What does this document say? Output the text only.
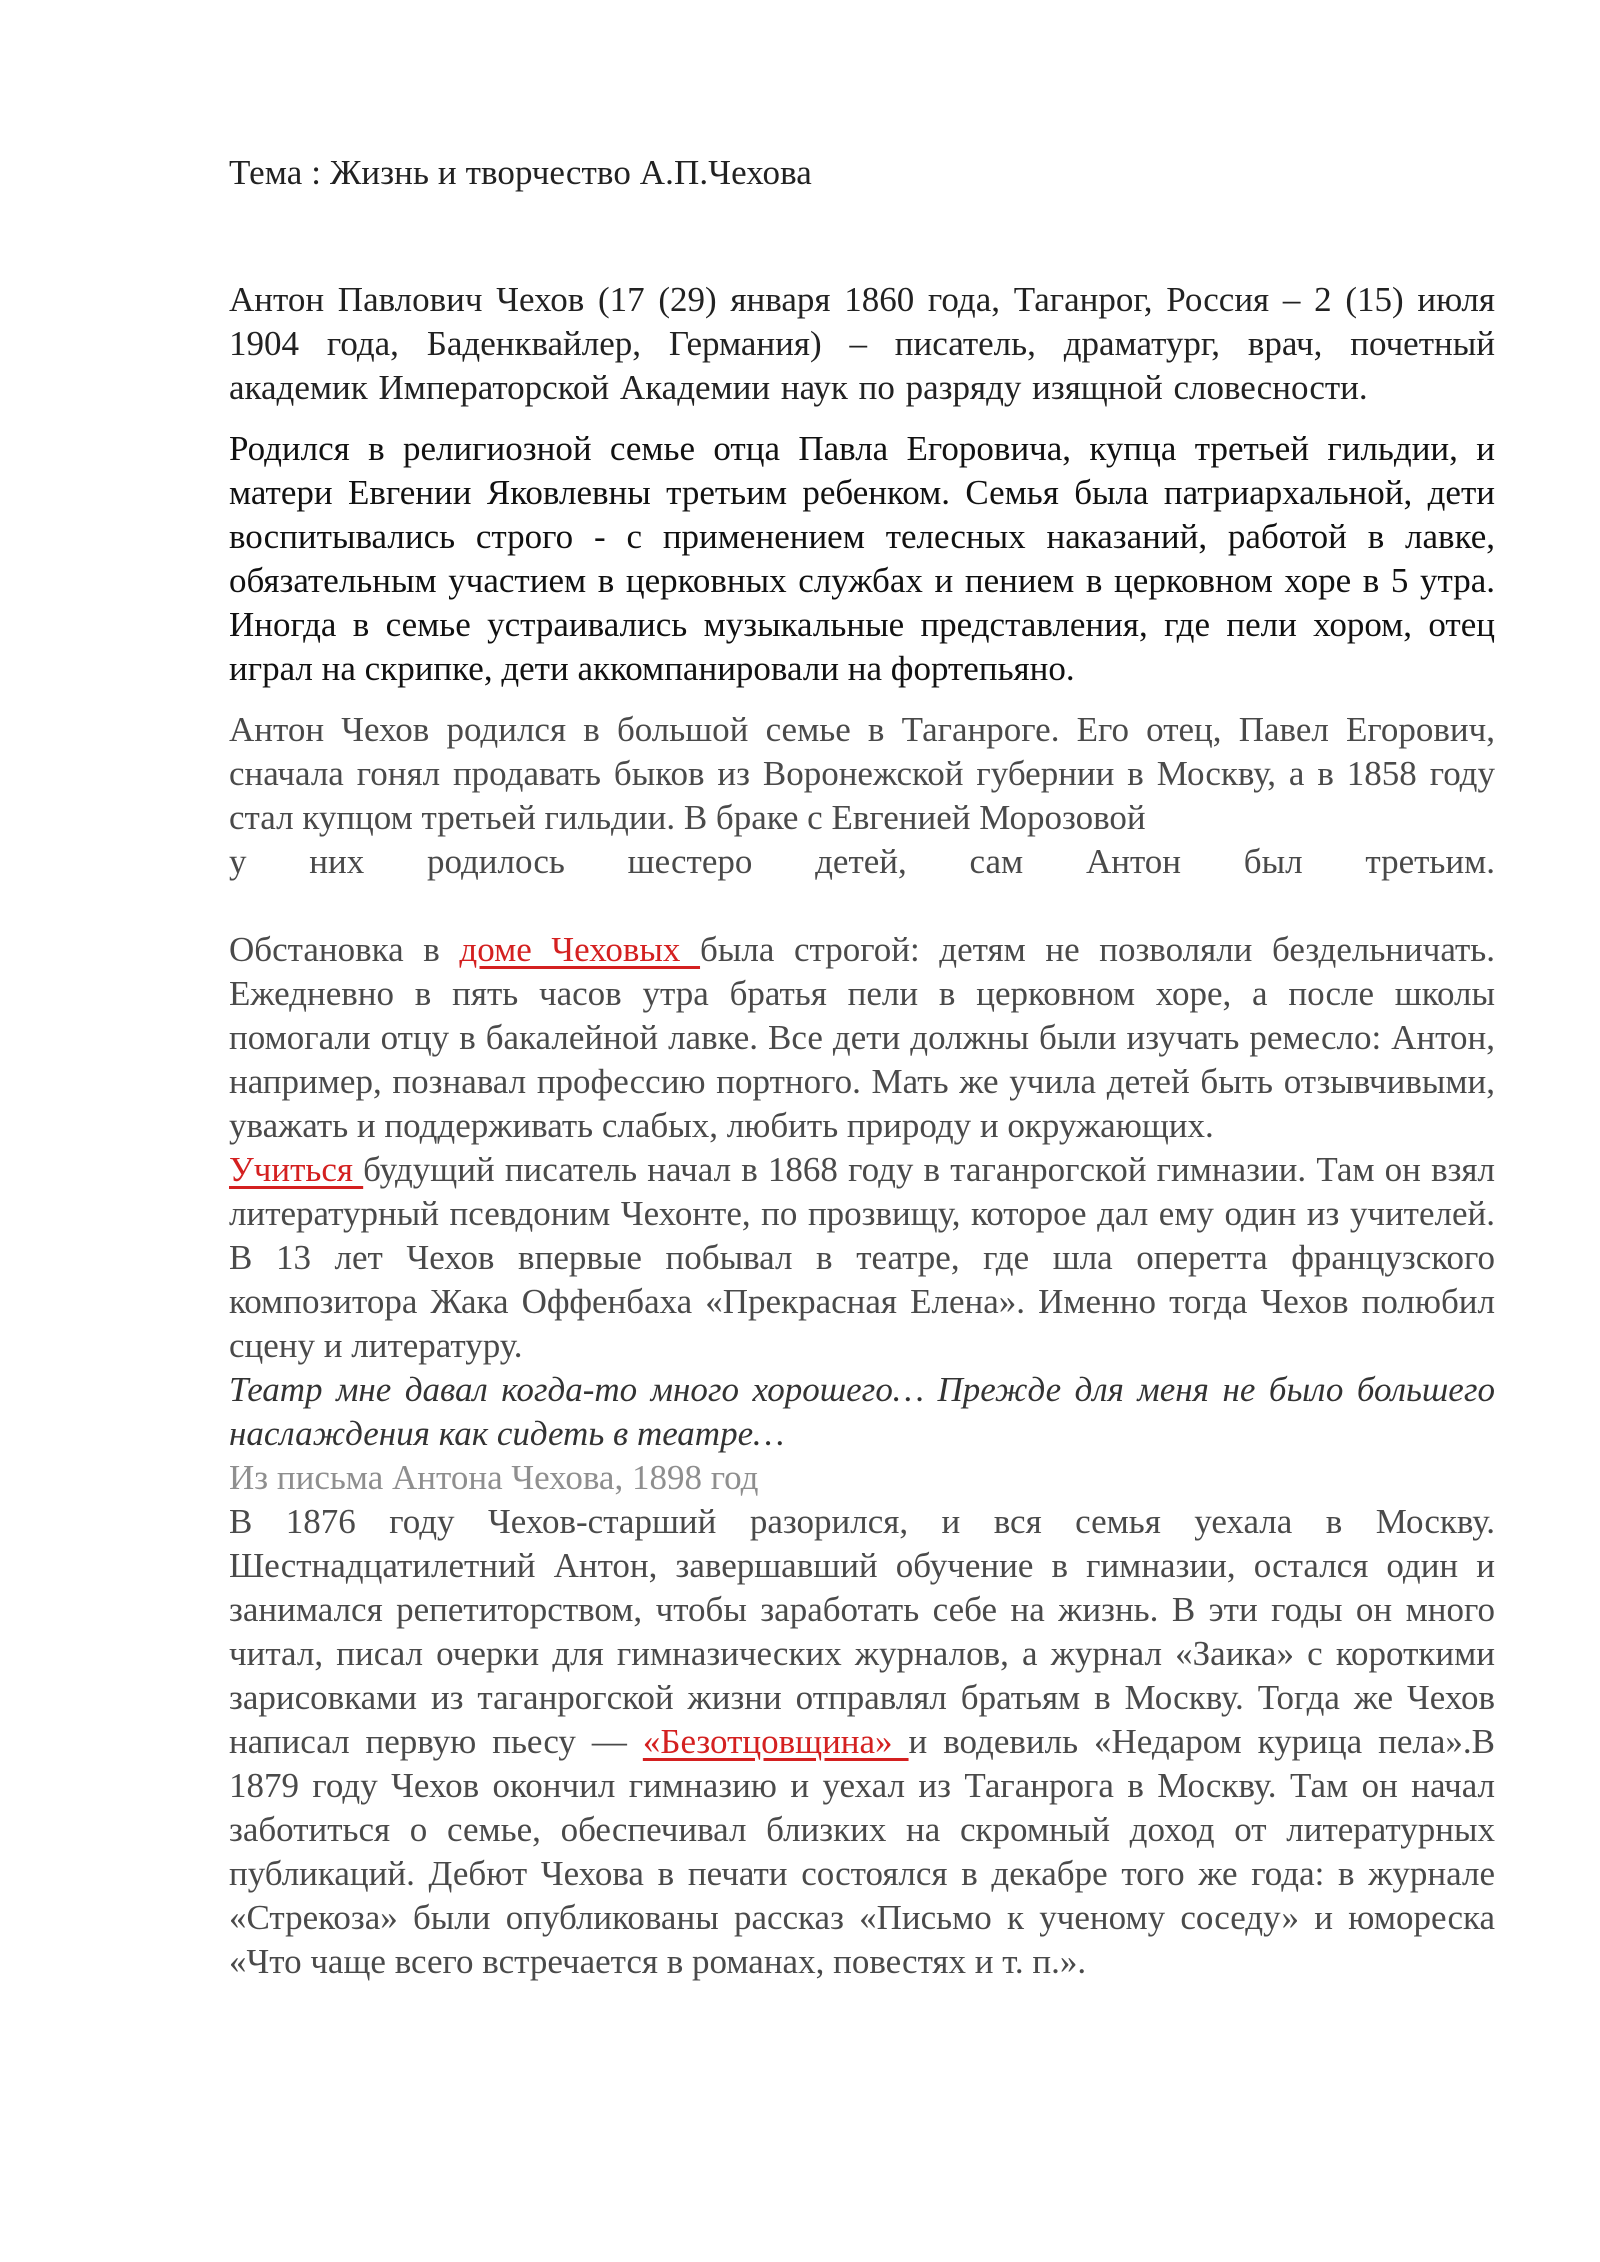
Тема : Жизнь и творчество А.П.Чехова

Антон Павлович Чехов (17 (29) января 1860 года, Таганрог, Россия – 2 (15) июля 1904 года, Баденквайлер, Германия) – писатель, драматург, врач, почетный академик Императорской Академии наук по разряду изящной словесности.

Родился в религиозной семье отца Павла Егоровича, купца третьей гильдии, и матери Евгении Яковлевны третьим ребенком. Семья была патриархальной, дети воспитывались строго - с применением телесных наказаний, работой в лавке, обязательным участием в церковных службах и пением в церковном хоре в 5 утра. Иногда в семье устраивались музыкальные представления, где пели хором, отец играл на скрипке, дети аккомпанировали на фортепьяно.

Антон Чехов родился в большой семье в Таганроге. Его отец, Павел Егорович, сначала гонял продавать быков из Воронежской губернии в Москву, а в 1858 году стал купцом третьей гильдии. В браке с Евгенией Морозовой
у них родилось шестеро детей, сам Антон был третьим.

Обстановка в доме Чеховых была строгой: детям не позволяли бездельничать. Ежедневно в пять часов утра братья пели в церковном хоре, а после школы помогали отцу в бакалейной лавке. Все дети должны были изучать ремесло: Антон, например, познавал профессию портного. Мать же учила детей быть отзывчивыми, уважать и поддерживать слабых, любить природу и окружающих.

Учиться будущий писатель начал в 1868 году в таганрогской гимназии. Там он взял литературный псевдоним Чехонте, по прозвищу, которое дал ему один из учителей. В 13 лет Чехов впервые побывал в театре, где шла оперетта французского композитора Жака Оффенбаха «Прекрасная Елена». Именно тогда Чехов полюбил сцену и литературу.

Театр мне давал когда-то много хорошего… Прежде для меня не было большего наслаждения как сидеть в театре…

Из письма Антона Чехова, 1898 год

В 1876 году Чехов-старший разорился, и вся семья уехала в Москву. Шестнадцатилетний Антон, завершавший обучение в гимназии, остался один и занимался репетиторством, чтобы заработать себе на жизнь. В эти годы он много читал, писал очерки для гимназических журналов, а журнал «Заика» с короткими зарисовками из таганрогской жизни отправлял братьям в Москву. Тогда же Чехов написал первую пьесу — «Безотцовщина» и водевиль «Недаром курица пела».В 1879 году Чехов окончил гимназию и уехал из Таганрога в Москву. Там он начал заботиться о семье, обеспечивал близких на скромный доход от литературных публикаций. Дебют Чехова в печати состоялся в декабре того же года: в журнале «Стрекоза» были опубликованы рассказ «Письмо к ученому соседу» и юмореска «Что чаще всего встречается в романах, повестях и т. п.».
